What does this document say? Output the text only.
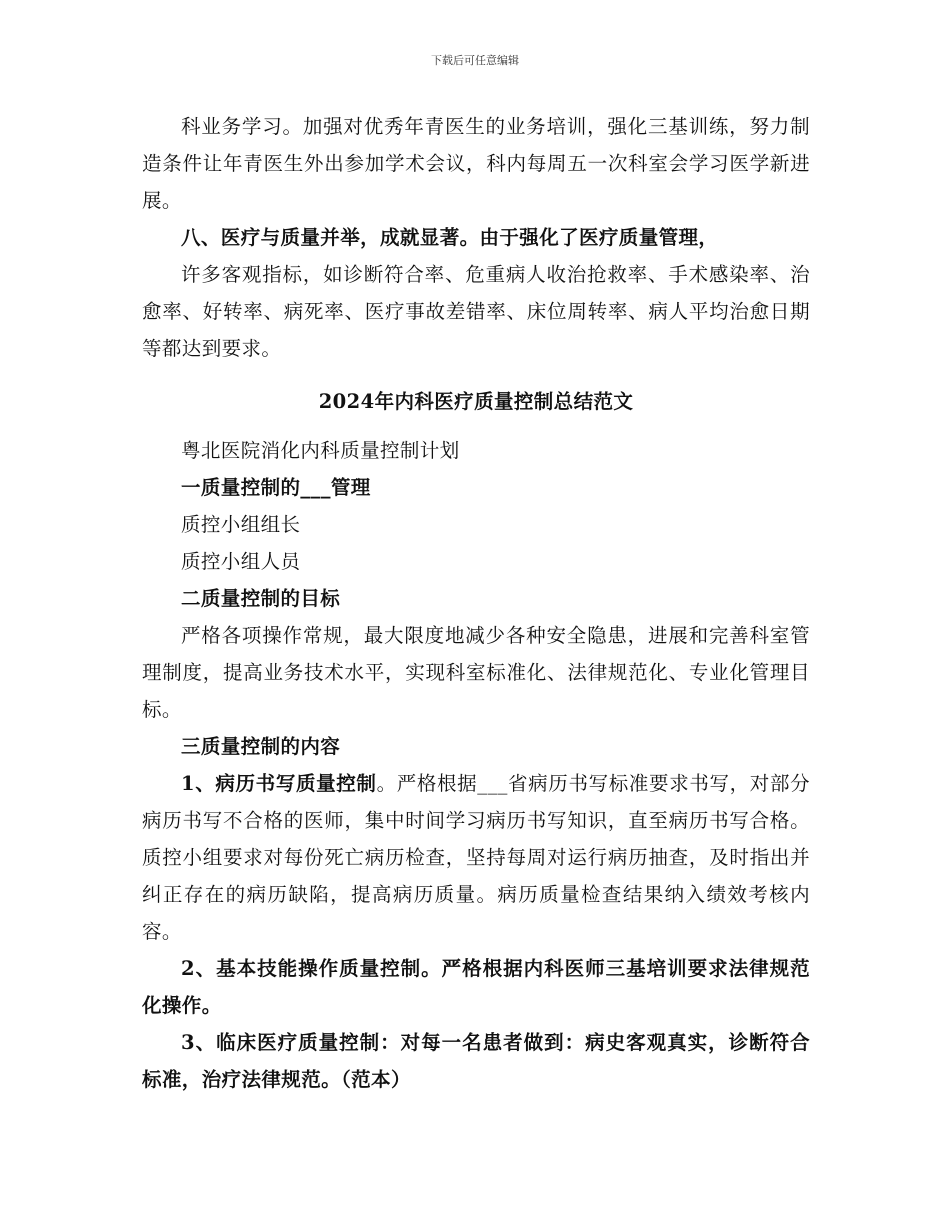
下载后可任意编辑

科业务学习。加强对优秀年青医生的业务培训，强化三基训练，努力制造条件让年青医生外出参加学术会议，科内每周五一次科室会学习医学新进展。

八、医疗与质量并举，成就显著。由于强化了医疗质量管理，

许多客观指标，如诊断符合率、危重病人收治抢救率、手术感染率、治愈率、好转率、病死率、医疗事故差错率、床位周转率、病人平均治愈日期等都达到要求。

2024年内科医疗质量控制总结范文

粤北医院消化内科质量控制计划

一质量控制的___管理

质控小组组长

质控小组人员

二质量控制的目标

严格各项操作常规，最大限度地减少各种安全隐患，进展和完善科室管理制度，提高业务技术水平，实现科室标准化、法律规范化、专业化管理目标。

三质量控制的内容

1、病历书写质量控制。严格根据___省病历书写标准要求书写，对部分病历书写不合格的医师，集中时间学习病历书写知识，直至病历书写合格。质控小组要求对每份死亡病历检查，坚持每周对运行病历抽查，及时指出并纠正存在的病历缺陷，提高病历质量。病历质量检查结果纳入绩效考核内容。

2、基本技能操作质量控制。严格根据内科医师三基培训要求法律规范化操作。

3、临床医疗质量控制：对每一名患者做到：病史客观真实，诊断符合标准，治疗法律规范。（范本）
